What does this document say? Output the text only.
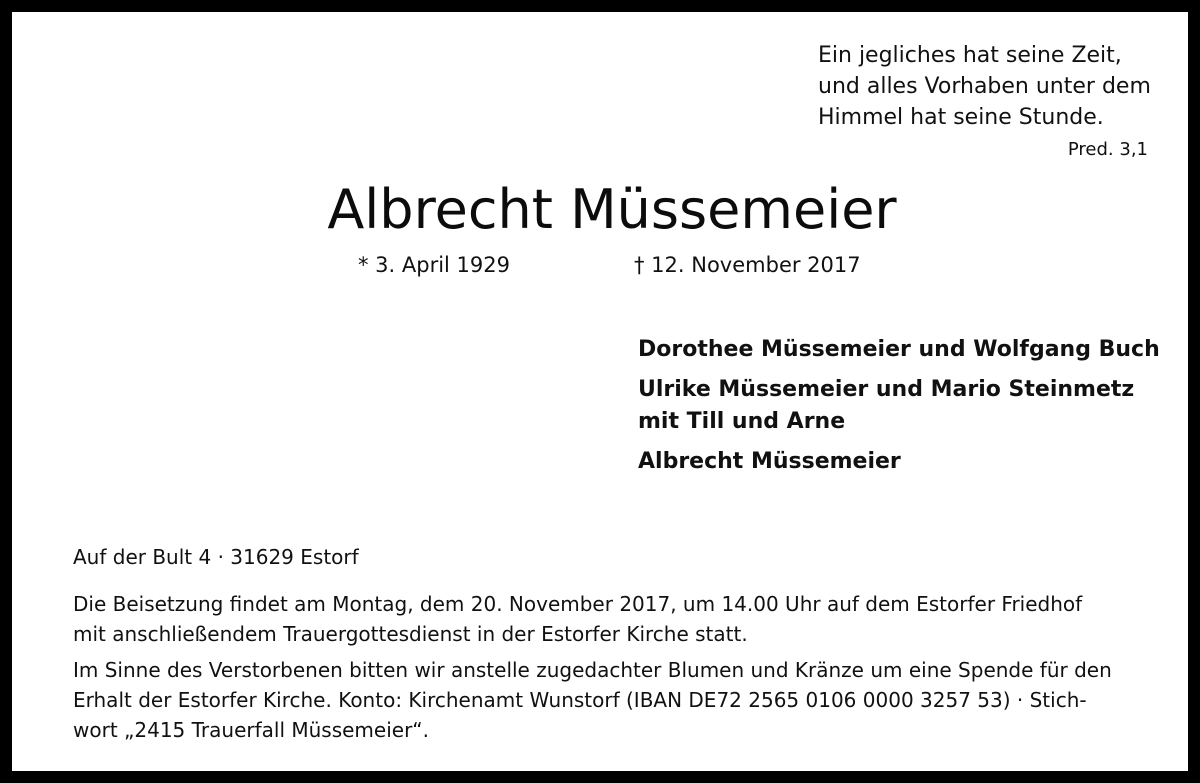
Ein jegliches hat seine Zeit,
und alles Vorhaben unter dem
Himmel hat seine Stunde.
Pred. 3,1
Albrecht Müssemeier
* 3. April 1929	† 12. November 2017
Dorothee Müssemeier und Wolfgang Buch
Ulrike Müssemeier und Mario Steinmetz
mit Till und Arne
Albrecht Müssemeier
Auf der Bult 4 · 31629 Estorf

Die Beisetzung findet am Montag, dem 20. November 2017, um 14.00 Uhr auf dem Estorfer Friedhof
mit anschließendem Trauergottesdienst in der Estorfer Kirche statt.

Im Sinne des Verstorbenen bitten wir anstelle zugedachter Blumen und Kränze um eine Spende für den
Erhalt der Estorfer Kirche. Konto: Kirchenamt Wunstorf (IBAN DE72 2565 0106 0000 3257 53) · Stich-
wort „2415 Trauerfall Müssemeier“.
